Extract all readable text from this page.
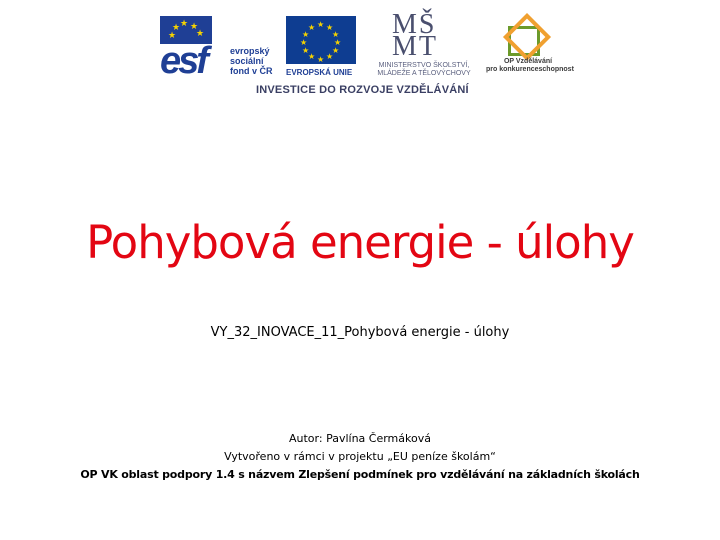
★ ★
★
★
★
esf	evropský
sociální
fond v ČR
★ ★
★
★
★
★
★
★
★
★
★
★
EVROPSKÁ UNIE
MŠ
MT
MINISTERSTVO ŠKOLSTVÍ,
MLÁDEŽE A TĚLOVÝCHOVY
OP Vzdělávání
pro konkurenceschopnost
INVESTICE DO ROZVOJE VZDĚLÁVÁNÍ
Pohybová energie - úlohy
VY_32_INOVACE_11_Pohybová energie - úlohy
Autor: Pavlína Čermáková
Vytvořeno v rámci v projektu „EU peníze školám“
OP VK oblast podpory 1.4 s názvem Zlepšení podmínek pro vzdělávání na základních školách
